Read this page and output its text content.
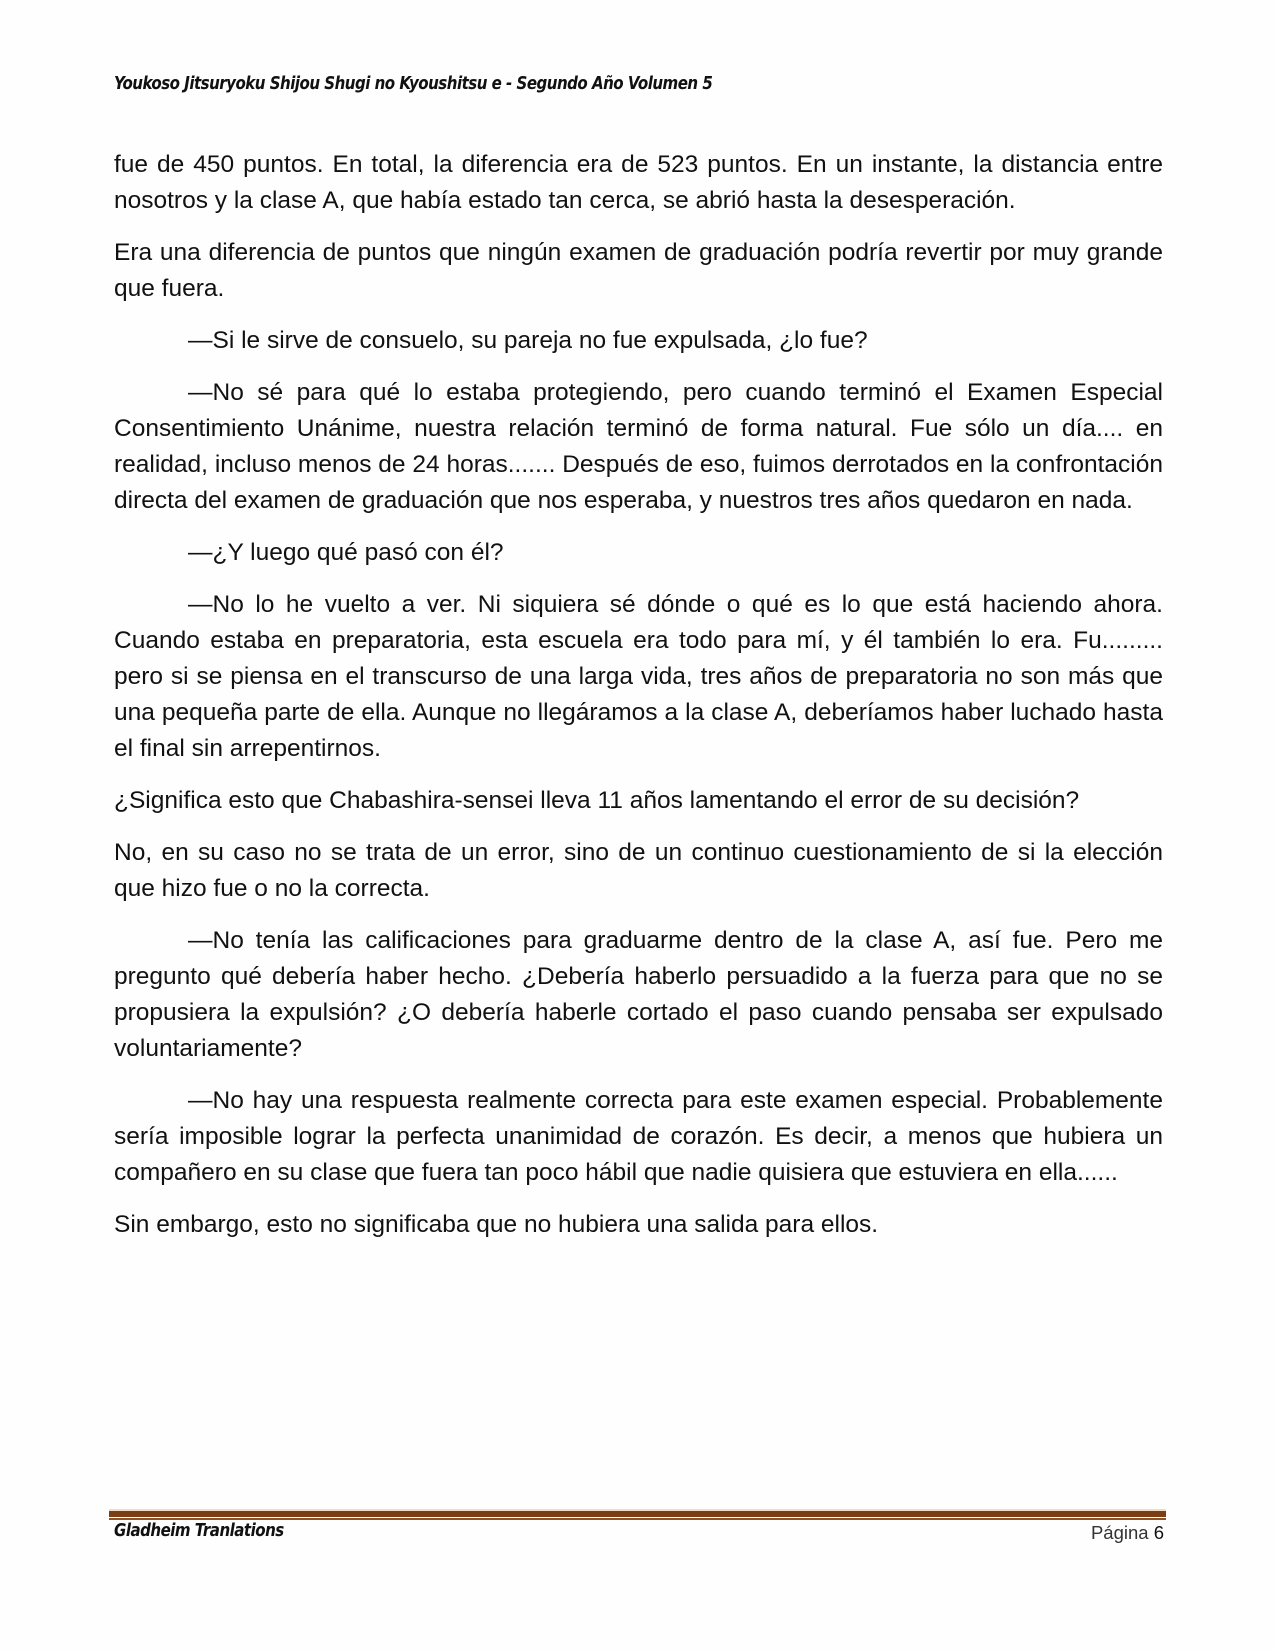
Youkoso Jitsuryoku Shijou Shugi no Kyoushitsu e - Segundo Año Volumen 5

fue de 450 puntos. En total, la diferencia era de 523 puntos. En un instante, la distancia entre nosotros y la clase A, que había estado tan cerca, se abrió hasta la desesperación.

Era una diferencia de puntos que ningún examen de graduación podría revertir por muy grande que fuera.

—Si le sirve de consuelo, su pareja no fue expulsada, ¿lo fue?

—No sé para qué lo estaba protegiendo, pero cuando terminó el Examen Especial Consentimiento Unánime, nuestra relación terminó de forma natural. Fue sólo un día.... en realidad, incluso menos de 24 horas....... Después de eso, fuimos derrotados en la confrontación directa del examen de graduación que nos esperaba, y nuestros tres años quedaron en nada.

—¿Y luego qué pasó con él?

—No lo he vuelto a ver. Ni siquiera sé dónde o qué es lo que está haciendo ahora. Cuando estaba en preparatoria, esta escuela era todo para mí, y él también lo era. Fu......... pero si se piensa en el transcurso de una larga vida, tres años de preparatoria no son más que una pequeña parte de ella. Aunque no llegáramos a la clase A, deberíamos haber luchado hasta el final sin arrepentirnos.

¿Significa esto que Chabashira-sensei lleva 11 años lamentando el error de su decisión?

No, en su caso no se trata de un error, sino de un continuo cuestionamiento de si la elección que hizo fue o no la correcta.

—No tenía las calificaciones para graduarme dentro de la clase A, así fue. Pero me pregunto qué debería haber hecho. ¿Debería haberlo persuadido a la fuerza para que no se propusiera la expulsión? ¿O debería haberle cortado el paso cuando pensaba ser expulsado voluntariamente?

—No hay una respuesta realmente correcta para este examen especial. Probablemente sería imposible lograr la perfecta unanimidad de corazón. Es decir, a menos que hubiera un compañero en su clase que fuera tan poco hábil que nadie quisiera que estuviera en ella......

Sin embargo, esto no significaba que no hubiera una salida para ellos.

Gladheim Tranlations	Página 6
